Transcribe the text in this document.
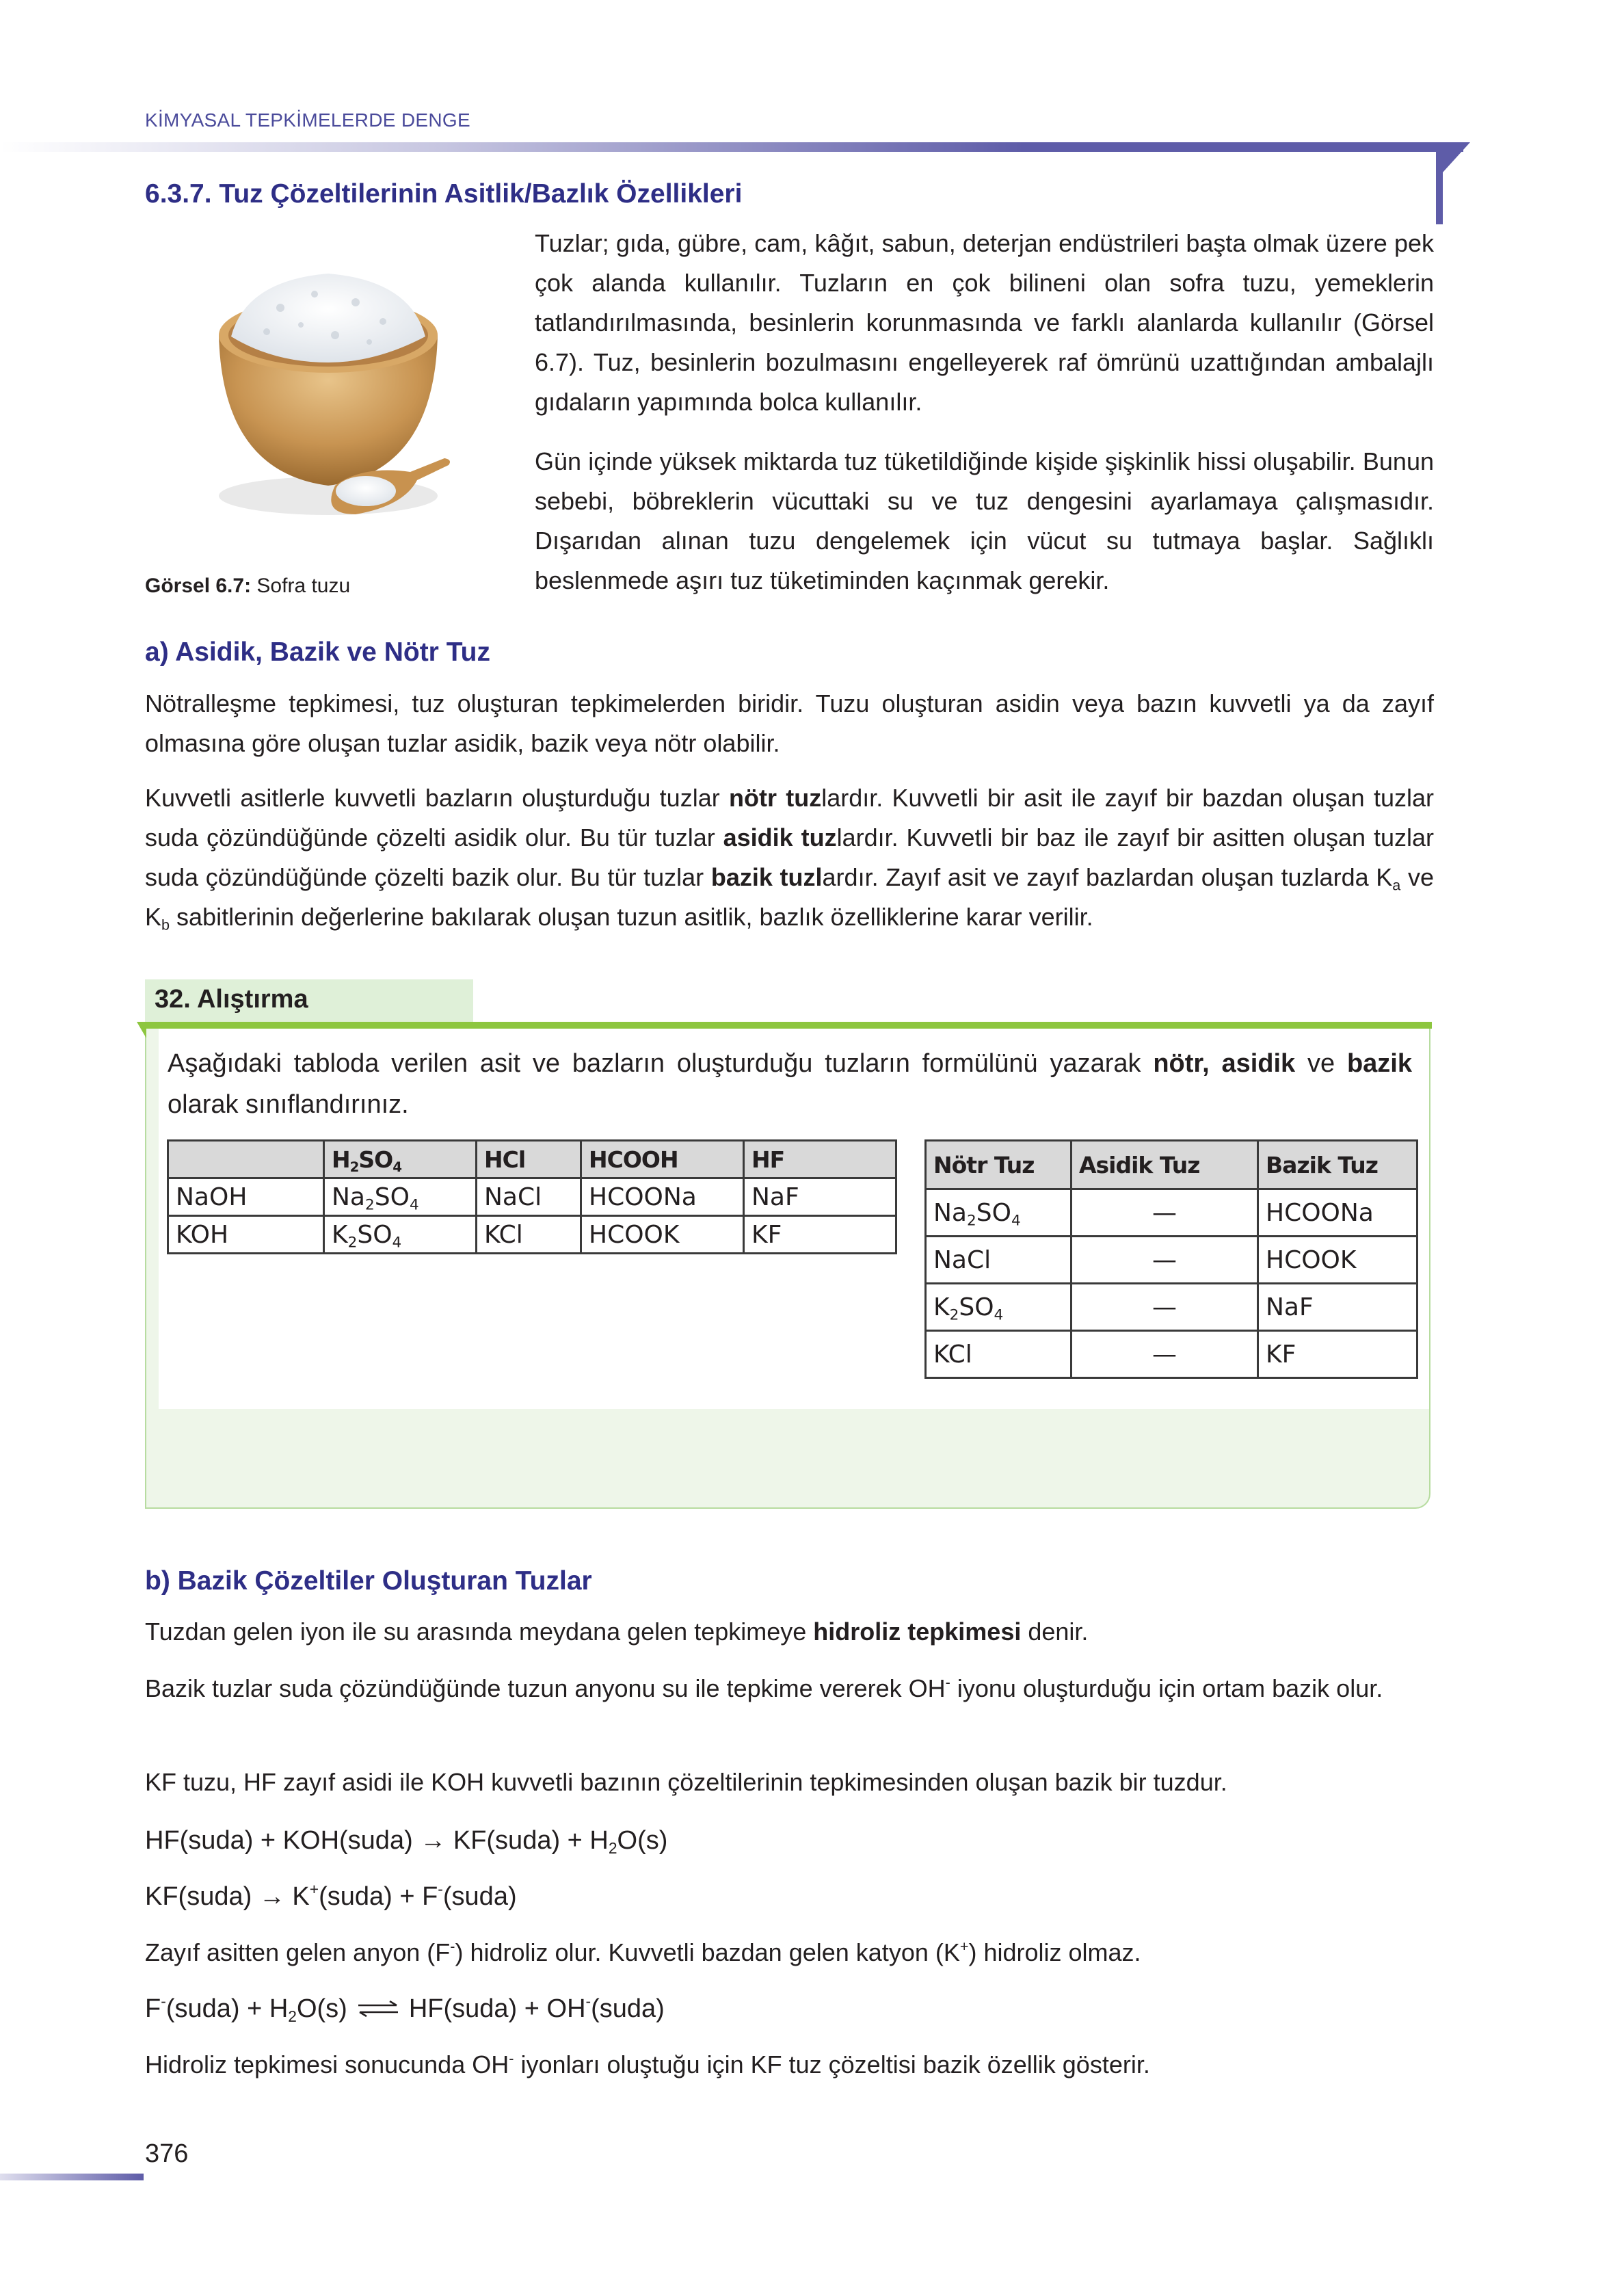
KİMYASAL TEPKİMELERDE DENGE
6.3.7. Tuz Çözeltilerinin Asitlik/Bazlık Özellikleri
Görsel 6.7: Sofra tuzu
Tuzlar; gıda, gübre, cam, kâğıt, sabun, deterjan endüstrileri başta olmak üzere pek çok alanda kullanılır. Tuzların en çok bilineni olan sofra tuzu, yemeklerin tatlandırılmasında, besinlerin korunmasında ve farklı alanlarda kullanılır (Görsel 6.7). Tuz, besinlerin bozulmasını engelleyerek raf ömrünü uzattığından ambalajlı gıdaların yapımında bolca kullanılır.
Gün içinde yüksek miktarda tuz tüketildiğinde kişide şişkinlik hissi oluşabilir. Bunun sebebi, böbreklerin vücuttaki su ve tuz dengesini ayarlamaya çalışmasıdır. Dışarıdan alınan tuzu dengelemek için vücut su tutmaya başlar. Sağlıklı beslenmede aşırı tuz tüketiminden kaçınmak gerekir.
a) Asidik, Bazik ve Nötr Tuz
Nötralleşme tepkimesi, tuz oluşturan tepkimelerden biridir. Tuzu oluşturan asidin veya bazın kuvvetli ya da zayıf olmasına göre oluşan tuzlar asidik, bazik veya nötr olabilir.
Kuvvetli asitlerle kuvvetli bazların oluşturduğu tuzlar nötr tuzlardır. Kuvvetli bir asit ile zayıf bir bazdan oluşan tuzlar suda çözündüğünde çözelti asidik olur. Bu tür tuzlar asidik tuzlardır. Kuvvetli bir baz ile zayıf bir asitten oluşan tuzlar suda çözündüğünde çözelti bazik olur. Bu tür tuzlar bazik tuzlardır. Zayıf asit ve zayıf bazlardan oluşan tuzlarda $K_a$ ve $K_b$ sabitlerinin değerlerine bakılarak oluşan tuzun asitlik, bazlık özelliklerine karar verilir.
32. Alıştırma
Aşağıdaki tabloda verilen asit ve bazların oluşturduğu tuzların formülünü yazarak nötr, asidik ve bazik olarak sınıflandırınız.
	$H_2SO_4$	HCl	HCOOH	HF
NaOH	$Na_2SO_4$	NaCl	HCOONa	NaF
KOH	$K_2SO_4$	KCl	HCOOK	KF
Nötr Tuz	Asidik Tuz	Bazik Tuz
$Na_2SO_4$	—	HCOONa
NaCl	—	HCOOK
$K_2SO_4$	—	NaF
KCl	—	KF
b) Bazik Çözeltiler Oluşturan Tuzlar
Tuzdan gelen iyon ile su arasında meydana gelen tepkimeye hidroliz tepkimesi denir.
Bazik tuzlar suda çözündüğünde tuzun anyonu su ile tepkime vererek OH- iyonu oluşturduğu için ortam bazik olur.
KF tuzu, HF zayıf asidi ile KOH kuvvetli bazının çözeltilerinin tepkimesinden oluşan bazik bir tuzdur.
HF(suda) + KOH(suda) → KF(suda) + $H_2O(s)$
KF(suda) → K+(suda) + F-(suda)
Zayıf asitten gelen anyon (F-) hidroliz olur. Kuvvetli bazdan gelen katyon (K+) hidroliz olmaz.
F-(suda) + $H_2O(s)$ ⇌ HF(suda) + OH-(suda)
Hidroliz tepkimesi sonucunda OH- iyonları oluştuğu için KF tuz çözeltisi bazik özellik gösterir.
376
